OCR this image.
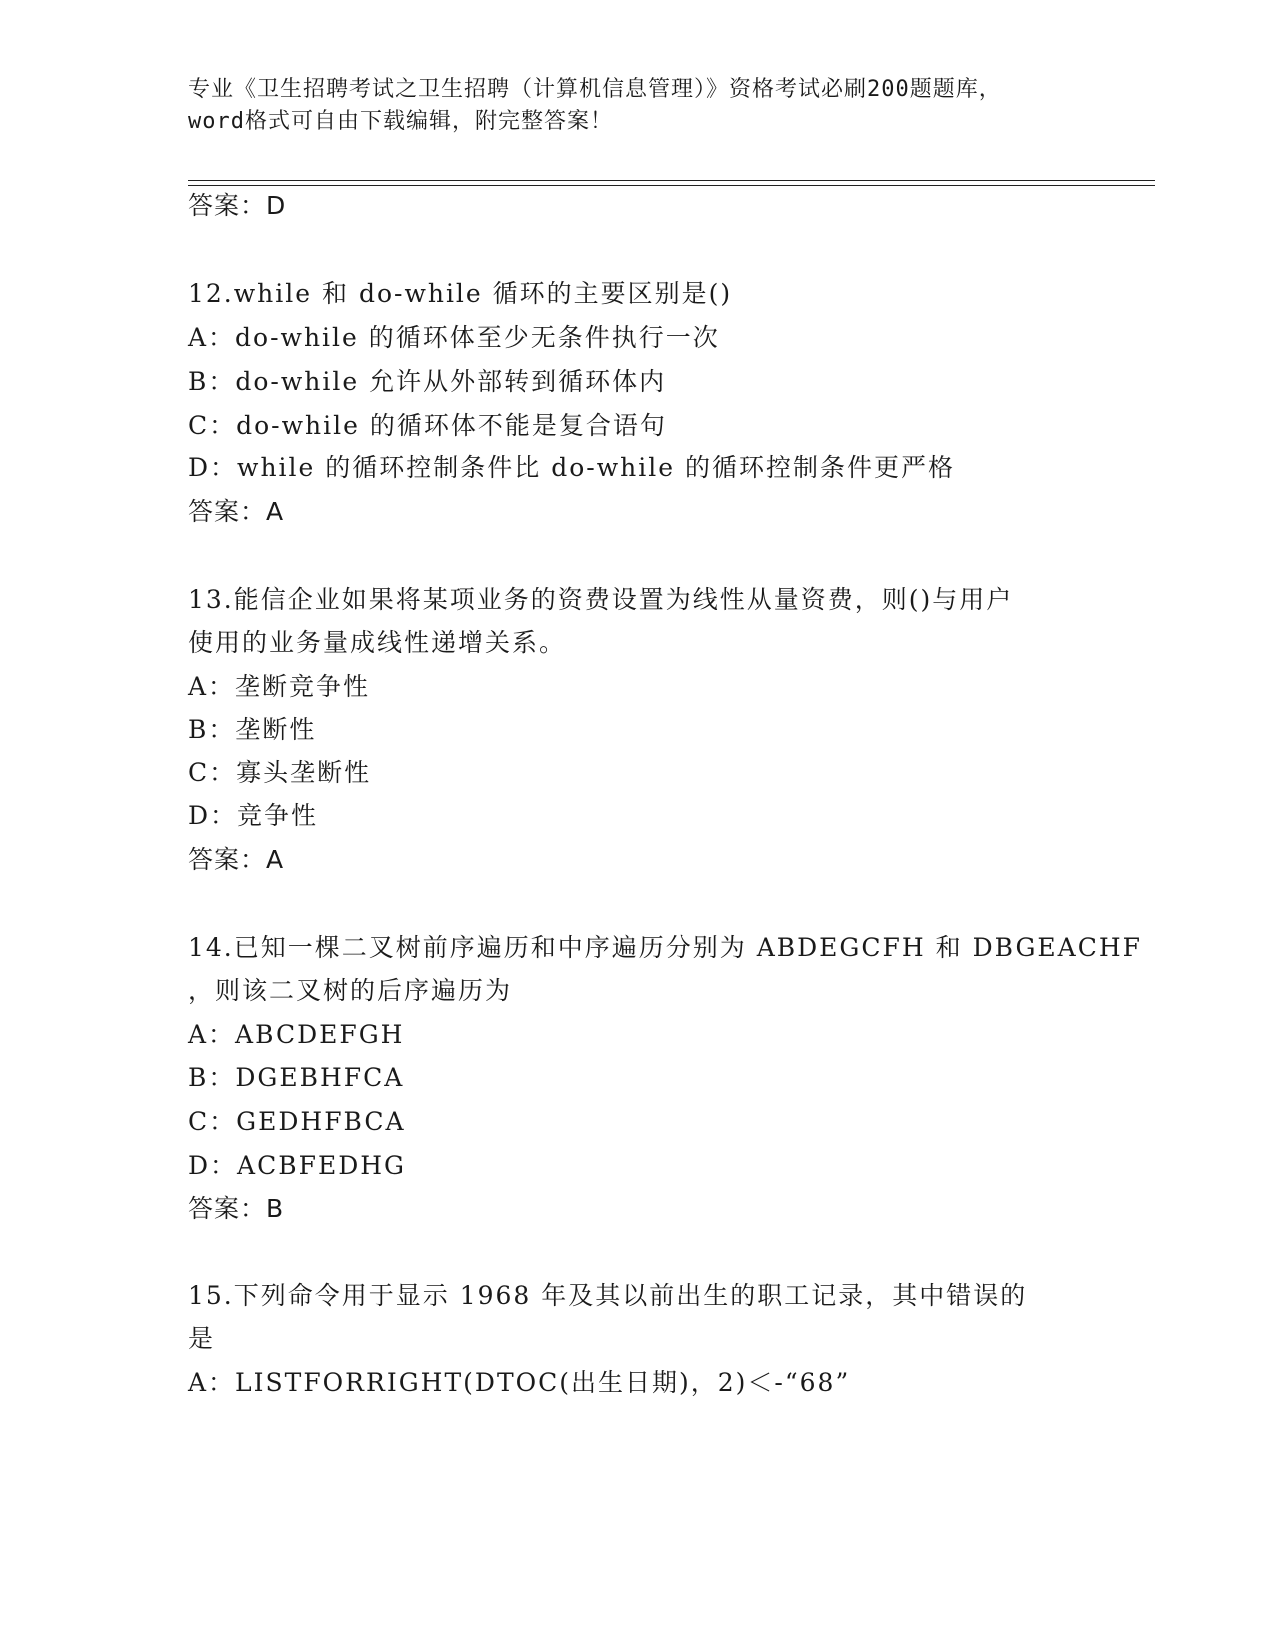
专业《卫生招聘考试之卫生招聘（计算机信息管理）》资格考试必刷200题题库，
word格式可自由下载编辑，附完整答案！
答案：D
12.while 和 do-while 循环的主要区别是()
A：do-while 的循环体至少无条件执行一次
B：do-while 允许从外部转到循环体内
C：do-while 的循环体不能是复合语句
D：while 的循环控制条件比 do-while 的循环控制条件更严格
答案：A
13.能信企业如果将某项业务的资费设置为线性从量资费，则()与用户
使用的业务量成线性递增关系。
A：垄断竞争性
B：垄断性
C：寡头垄断性
D：竞争性
答案：A
14.已知一棵二叉树前序遍历和中序遍历分别为 ABDEGCFH 和 DBGEACHF
，则该二叉树的后序遍历为
A：ABCDEFGH
B：DGEBHFCA
C：GEDHFBCA
D：ACBFEDHG
答案：B
15.下列命令用于显示 1968 年及其以前出生的职工记录，其中错误的
是
A：LISTFORRIGHT(DTOC(出生日期)，2)＜-“68”
